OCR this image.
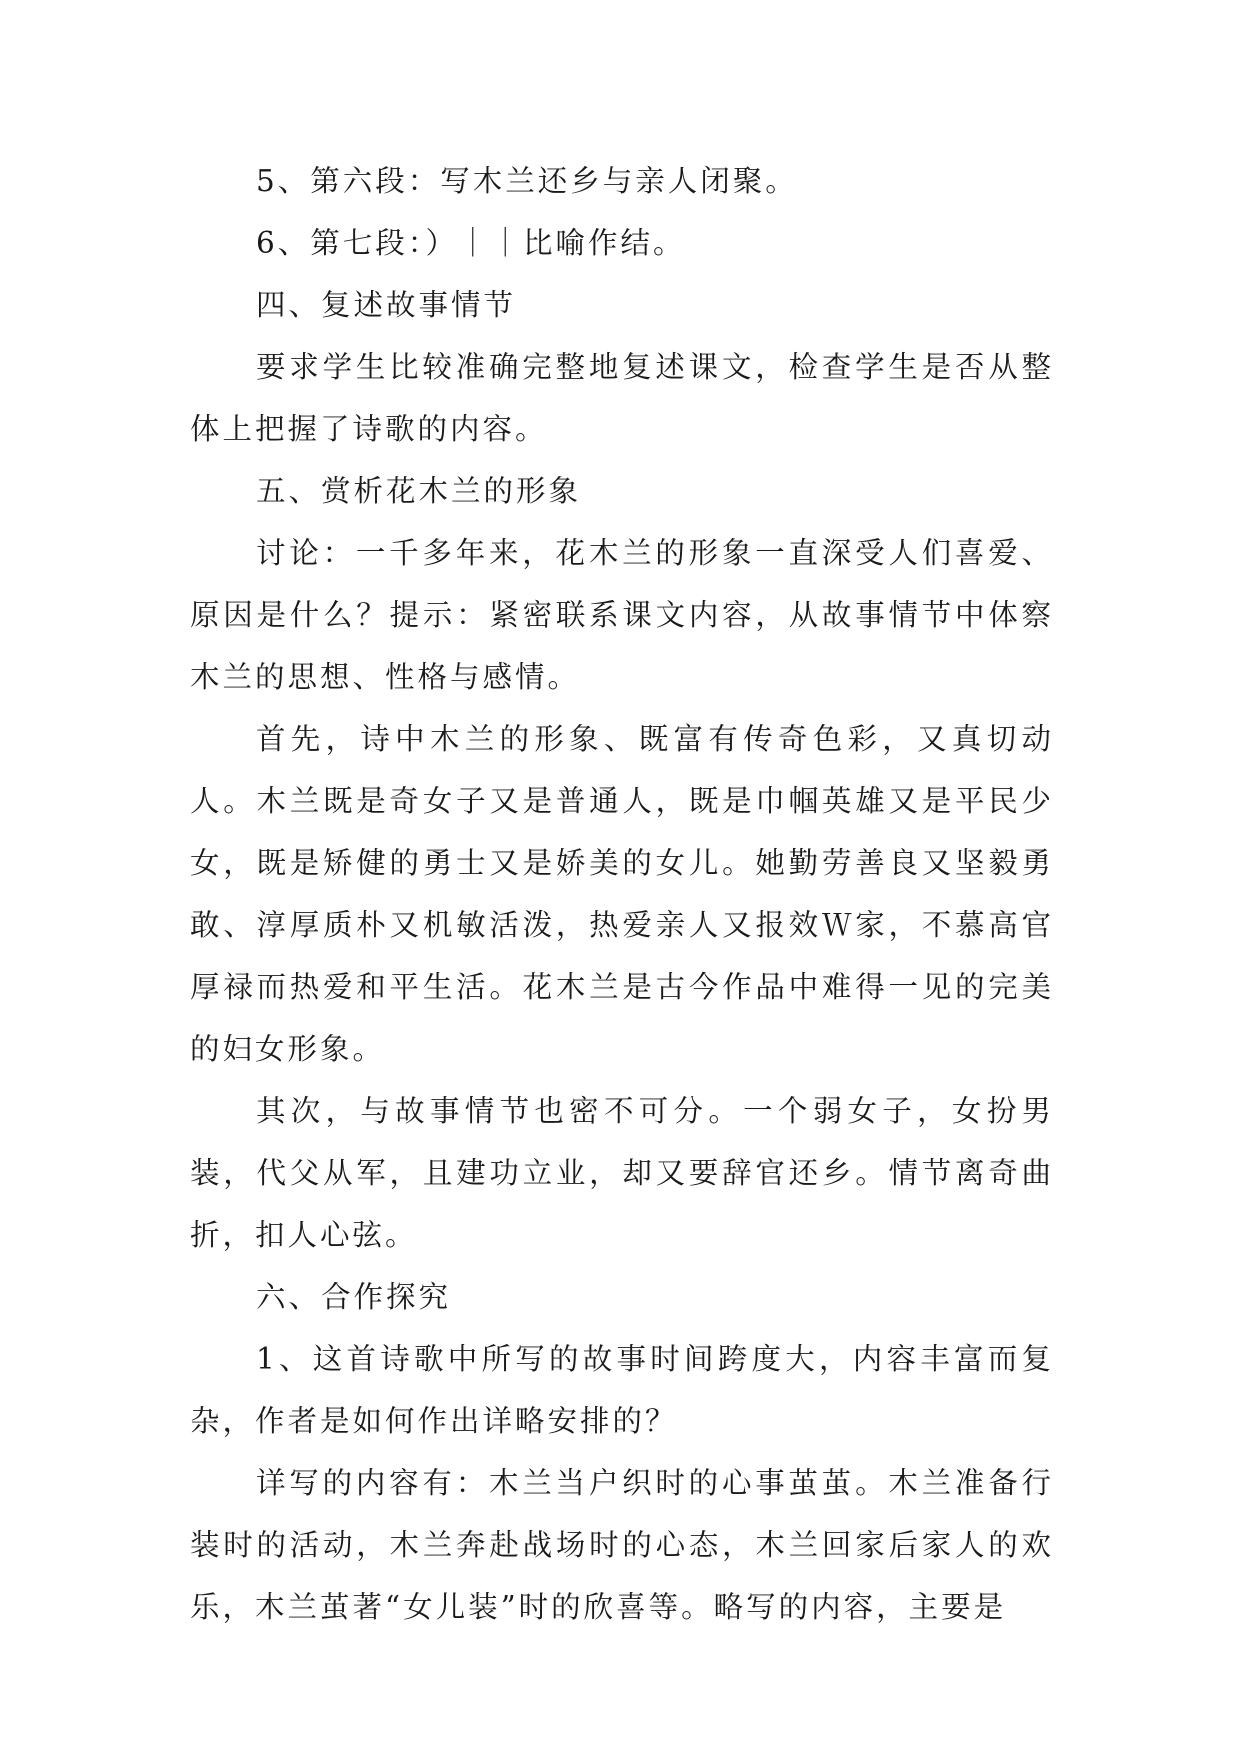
5、第六段：写木兰还乡与亲人闭聚。

6、第七段：）｜｜比喻作结。

四、复述故事情节

要求学生比较准确完整地复述课文，检查学生是否从整体上把握了诗歌的内容。

五、赏析花木兰的形象

讨论：一千多年来，花木兰的形象一直深受人们喜爱、原因是什么？提示：紧密联系课文内容，从故事情节中体察木兰的思想、性格与感情。

首先，诗中木兰的形象、既富有传奇色彩，又真切动人。木兰既是奇女子又是普通人，既是巾帼英雄又是平民少女，既是矫健的勇士又是娇美的女儿。她勤劳善良又坚毅勇敢、淳厚质朴又机敏活泼，热爱亲人又报效Ｗ家，不慕高官厚禄而热爱和平生活。花木兰是古今作品中难得一见的完美的妇女形象。

其次，与故事情节也密不可分。一个弱女子，女扮男装，代父从军，且建功立业，却又要辞官还乡。情节离奇曲折，扣人心弦。

六、合作探究

1、这首诗歌中所写的故事时间跨度大，内容丰富而复杂，作者是如何作出详略安排的？

详写的内容有：木兰当户织时的心事茧茧。木兰准备行装时的活动，木兰奔赴战场时的心态，木兰回家后家人的欢乐，木兰茧著“女儿装”时的欣喜等。略写的内容，主要是
